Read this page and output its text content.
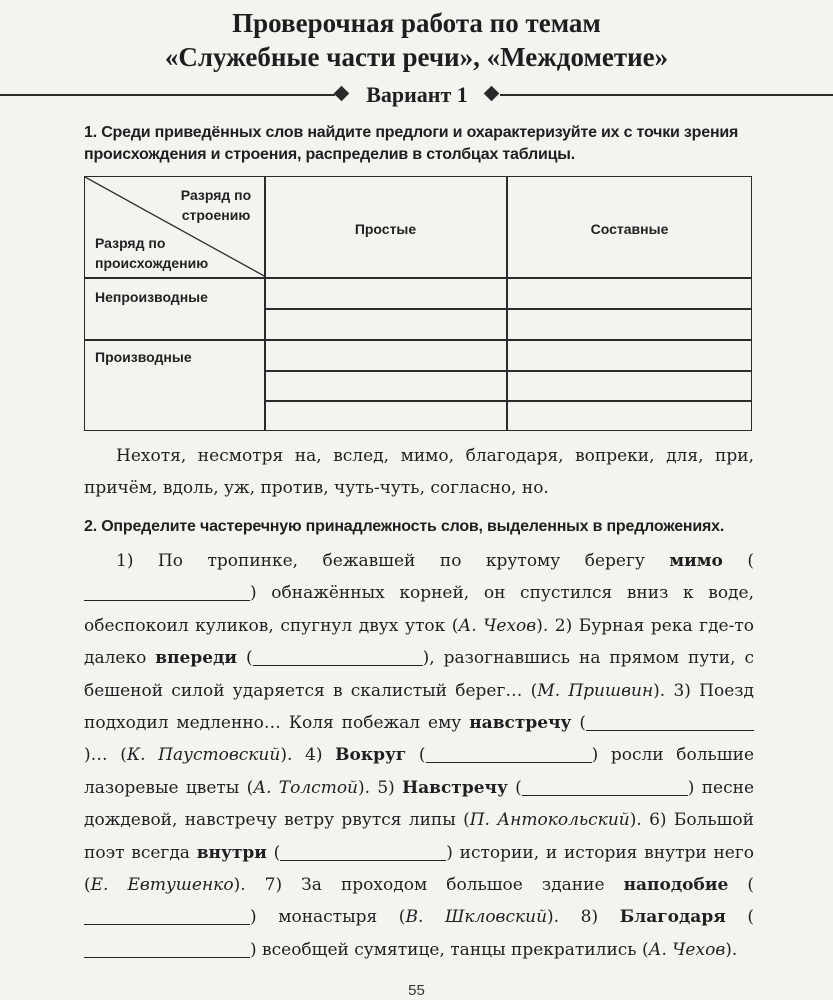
Проверочная работа по темам
«Служебные части речи», «Междометие»
Вариант 1
1. Среди приведённых слов найдите предлоги и охарактеризуйте их с точки зрения происхождения и строения, распределив в столбцах таблицы.
Разряд по строению
Разряд по происхождению
Простые	Составные
Непроизводные
Производные
Нехотя, несмотря на, вслед, мимо, благодаря, вопреки, для, при, причём, вдоль, уж, против, чуть-чуть, согласно, но.
2. Определите частеречную принадлежность слов, выделенных в предложениях.
1) По тропинке, бежавшей по крутому берегу мимо () обнажённых корней, он спустился вниз к воде, обеспокоил куликов, спугнул двух уток (А. Чехов). 2) Бурная река где-то далеко впереди (	), разогнавшись на прямом пути, с бешеной силой ударяется в скалистый берег… (М. Пришвин). 3) Поезд подходил медленно… Коля побежал ему навстречу ()… (К. Паустовский). 4) Вокруг (	) росли большие лазоревые цветы (А. Толстой). 5) Навстречу (	) песне дождевой, навстречу ветру рвутся липы (П. Антокольский). 6) Большой поэт всегда внутри (	) истории, и история внутри него (Е. Евтушенко). 7) За проходом большое здание наподобие () монастыря (В. Шкловский). 8) Благодаря () всеобщей сумятице, танцы прекратились (А. Чехов).
55
